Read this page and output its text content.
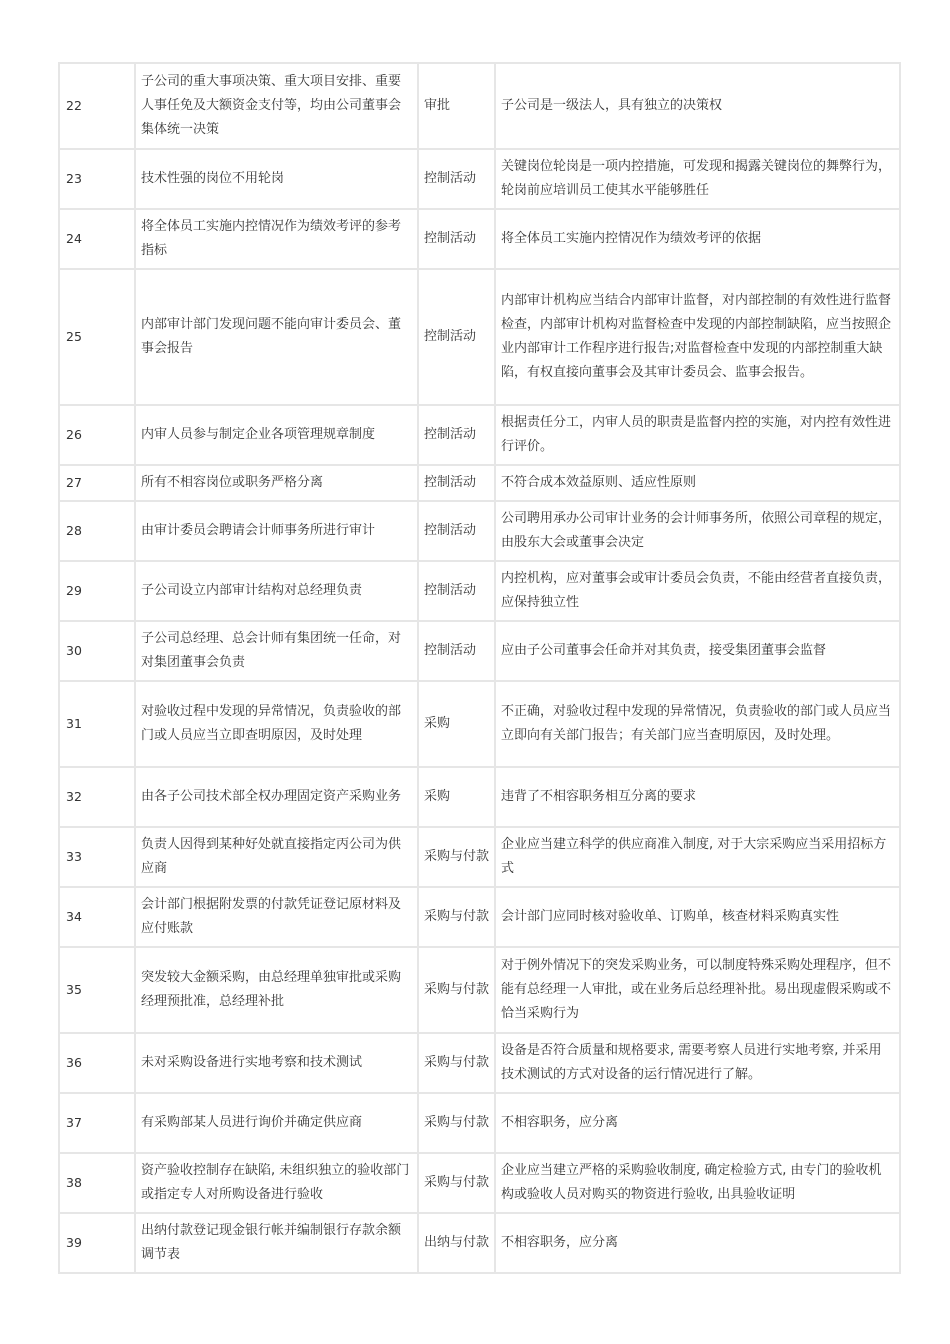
22	子公司的重大事项决策、重大项目安排、重要人事任免及大额资金支付等，均由公司董事会集体统一决策	审批	子公司是一级法人，具有独立的决策权
23	技术性强的岗位不用轮岗	控制活动	关键岗位轮岗是一项内控措施，可发现和揭露关键岗位的舞弊行为，轮岗前应培训员工使其水平能够胜任
24	将全体员工实施内控情况作为绩效考评的参考指标	控制活动	将全体员工实施内控情况作为绩效考评的依据
25	内部审计部门发现问题不能向审计委员会、董事会报告	控制活动	内部审计机构应当结合内部审计监督，对内部控制的有效性进行监督检查，内部审计机构对监督检查中发现的内部控制缺陷，应当按照企业内部审计工作程序进行报告;对监督检查中发现的内部控制重大缺陷，有权直接向董事会及其审计委员会、监事会报告。
26	内审人员参与制定企业各项管理规章制度	控制活动	根据责任分工，内审人员的职责是监督内控的实施，对内控有效性进行评价。
27	所有不相容岗位或职务严格分离	控制活动	不符合成本效益原则、适应性原则
28	由审计委员会聘请会计师事务所进行审计	控制活动	公司聘用承办公司审计业务的会计师事务所，依照公司章程的规定，由股东大会或董事会决定
29	子公司设立内部审计结构对总经理负责	控制活动	内控机构，应对董事会或审计委员会负责，不能由经营者直接负责，应保持独立性
30	子公司总经理、总会计师有集团统一任命，对对集团董事会负责	控制活动	应由子公司董事会任命并对其负责，接受集团董事会监督
31	对验收过程中发现的异常情况，负责验收的部门或人员应当立即查明原因，及时处理	采购	不正确，对验收过程中发现的异常情况，负责验收的部门或人员应当立即向有关部门报告；有关部门应当查明原因，及时处理。
32	由各子公司技术部全权办理固定资产采购业务	采购	违背了不相容职务相互分离的要求
33	负责人因得到某种好处就直接指定丙公司为供应商	采购与付款	企业应当建立科学的供应商准入制度, 对于大宗采购应当采用招标方式
34	会计部门根据附发票的付款凭证登记原材料及应付账款	采购与付款	会计部门应同时核对验收单、订购单，核查材料采购真实性
35	突发较大金额采购，由总经理单独审批或采购经理预批准，总经理补批	采购与付款	对于例外情况下的突发采购业务，可以制度特殊采购处理程序，但不能有总经理一人审批，或在业务后总经理补批。易出现虚假采购或不恰当采购行为
36	未对采购设备进行实地考察和技术测试	采购与付款	设备是否符合质量和规格要求, 需要考察人员进行实地考察, 并采用技术测试的方式对设备的运行情况进行了解。
37	有采购部某人员进行询价并确定供应商	采购与付款	不相容职务，应分离
38	资产验收控制存在缺陷, 未组织独立的验收部门或指定专人对所购设备进行验收	采购与付款	企业应当建立严格的采购验收制度, 确定检验方式, 由专门的验收机构或验收人员对购买的物资进行验收, 出具验收证明
39	出纳付款登记现金银行帐并编制银行存款余额调节表	出纳与付款	不相容职务，应分离
